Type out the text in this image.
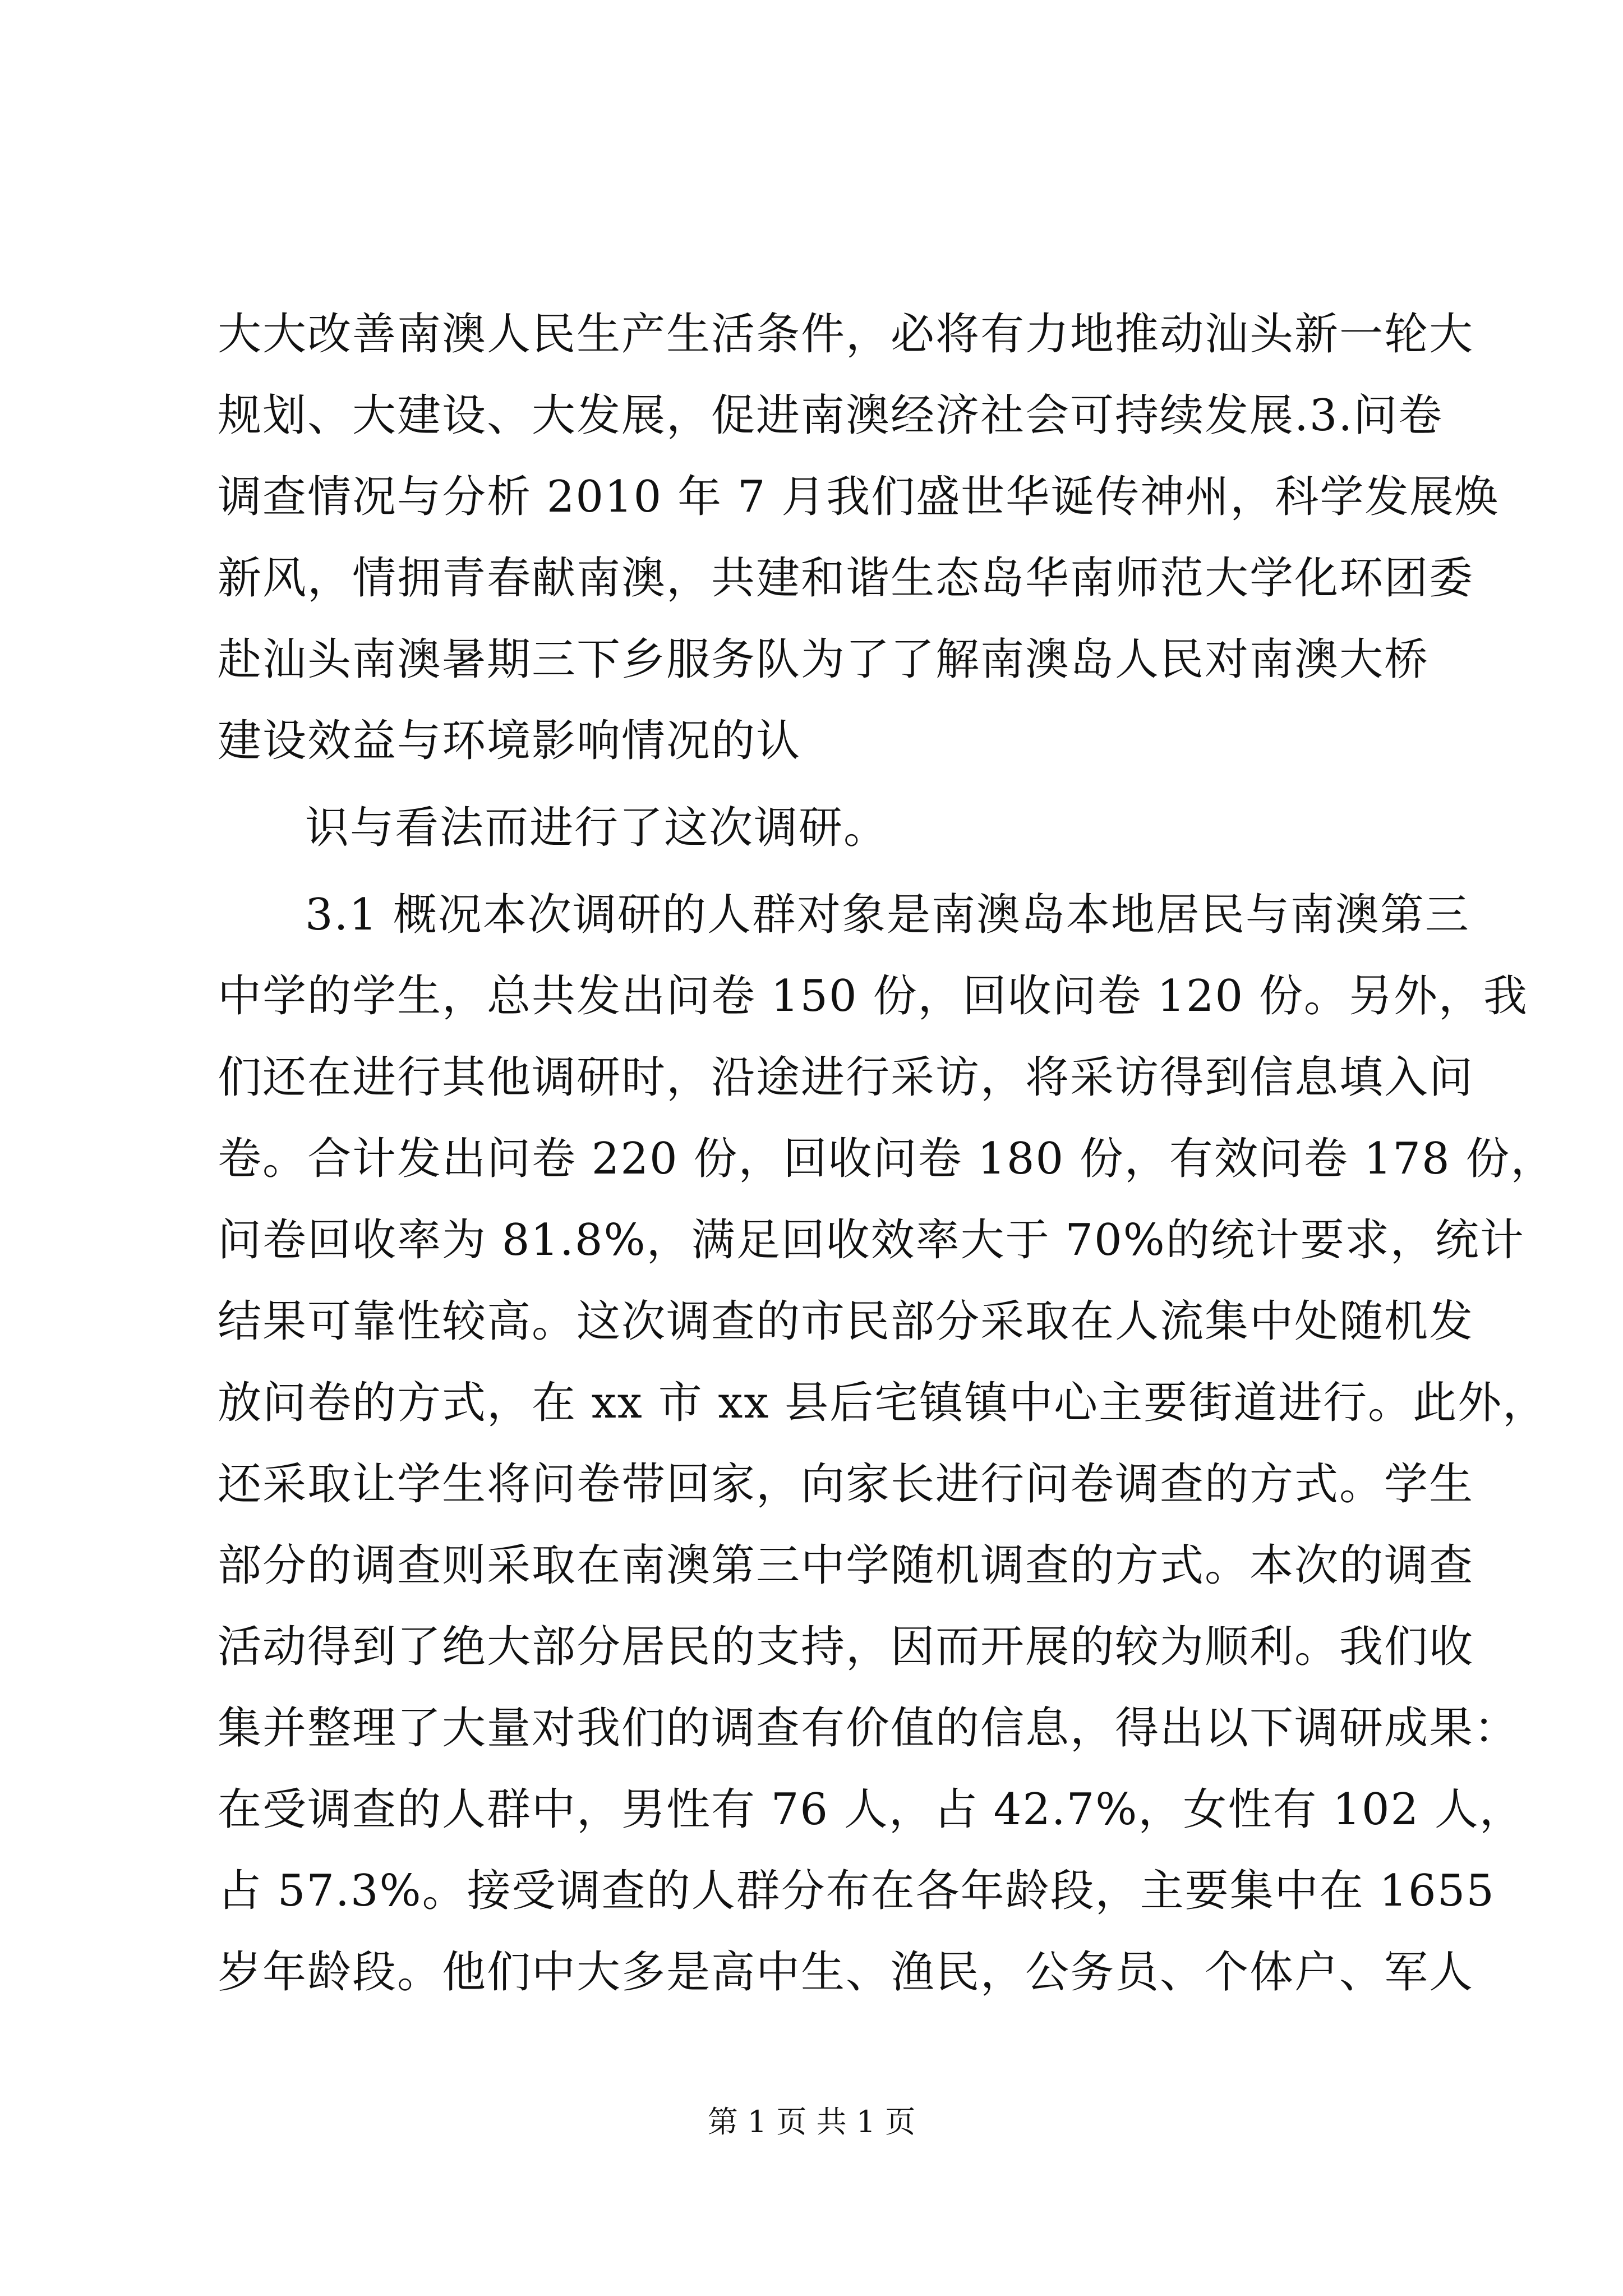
大大改善南澳人民生产生活条件，必将有力地推动汕头新一轮大
规划、大建设、大发展，促进南澳经济社会可持续发展.3.问卷
调查情况与分析 2010 年 7 月我们盛世华诞传神州，科学发展焕
新风，情拥青春献南澳，共建和谐生态岛华南师范大学化环团委
赴汕头南澳暑期三下乡服务队为了了解南澳岛人民对南澳大桥
建设效益与环境影响情况的认
识与看法而进行了这次调研。
3.1 概况本次调研的人群对象是南澳岛本地居民与南澳第三
中学的学生，总共发出问卷 150 份，回收问卷 120 份。另外，我
们还在进行其他调研时，沿途进行采访，将采访得到信息填入问
卷。合计发出问卷 220 份，回收问卷 180 份，有效问卷 178 份，
问卷回收率为 81.8%，满足回收效率大于 70%的统计要求，统计
结果可靠性较高。这次调查的市民部分采取在人流集中处随机发
放问卷的方式，在 xx 市 xx 县后宅镇镇中心主要街道进行。此外，
还采取让学生将问卷带回家，向家长进行问卷调查的方式。学生
部分的调查则采取在南澳第三中学随机调查的方式。本次的调查
活动得到了绝大部分居民的支持，因而开展的较为顺利。我们收
集并整理了大量对我们的调查有价值的信息，得出以下调研成果：
在受调查的人群中，男性有 76 人，占 42.7%，女性有 102 人，
占 57.3%。接受调查的人群分布在各年龄段，主要集中在 1655
岁年龄段。他们中大多是高中生、渔民，公务员、个体户、军人
第 1 页 共 1 页
